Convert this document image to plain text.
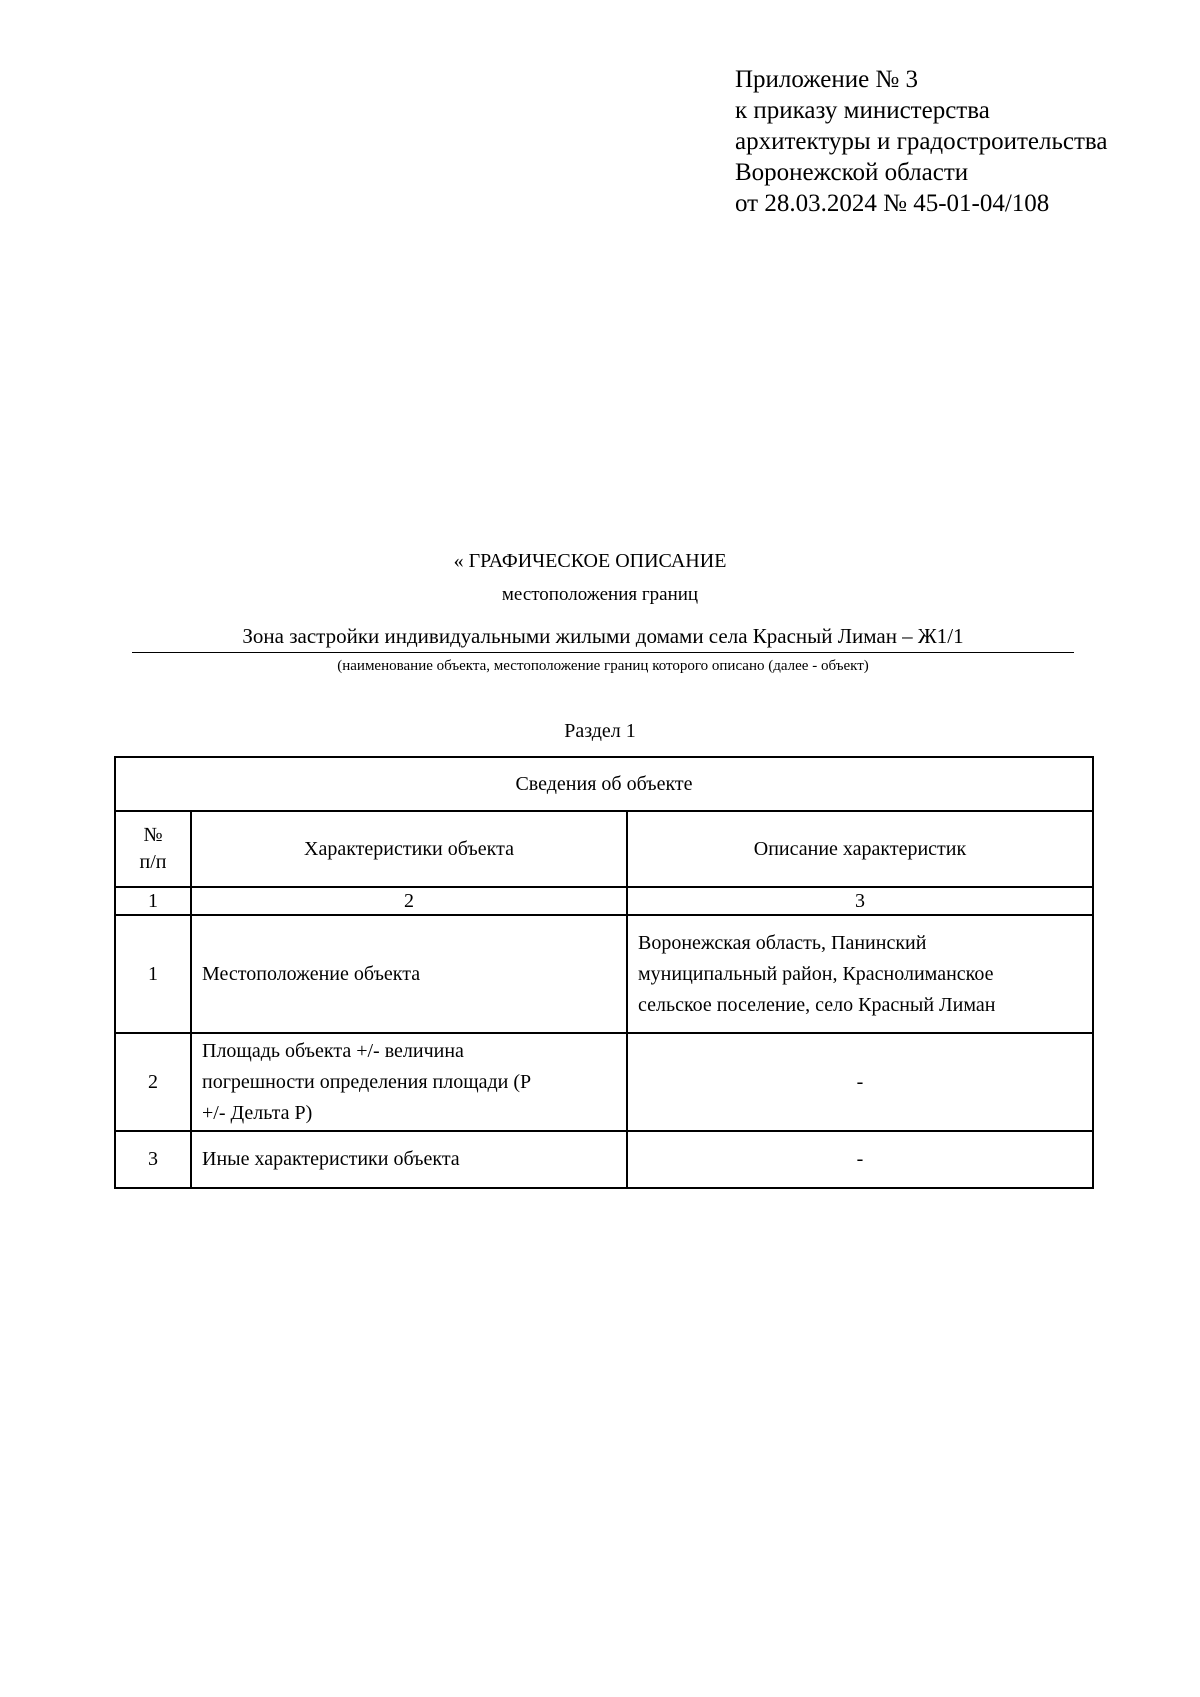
Приложение № 3
к приказу министерства
архитектуры и градостроительства
Воронежской области
от 28.03.2024 № 45-01-04/108
« ГРАФИЧЕСКОЕ ОПИСАНИЕ
местоположения границ
Зона застройки индивидуальными жилыми домами села Красный Лиман – Ж1/1
(наименование объекта, местоположение границ которого описано (далее - объект)
Раздел 1
Сведения об объекте		

№
п/п	Характеристики объекта	Описание характеристик
1	2	3
1	Местоположение объекта	Воронежская область, Панинский
муниципальный район, Краснолиманское
сельское поселение, село Красный Лиман

2	Площадь объекта +/- величина
погрешности определения площади (Р
+/- Дельта Р)	-
3	Иные характеристики объекта	-
